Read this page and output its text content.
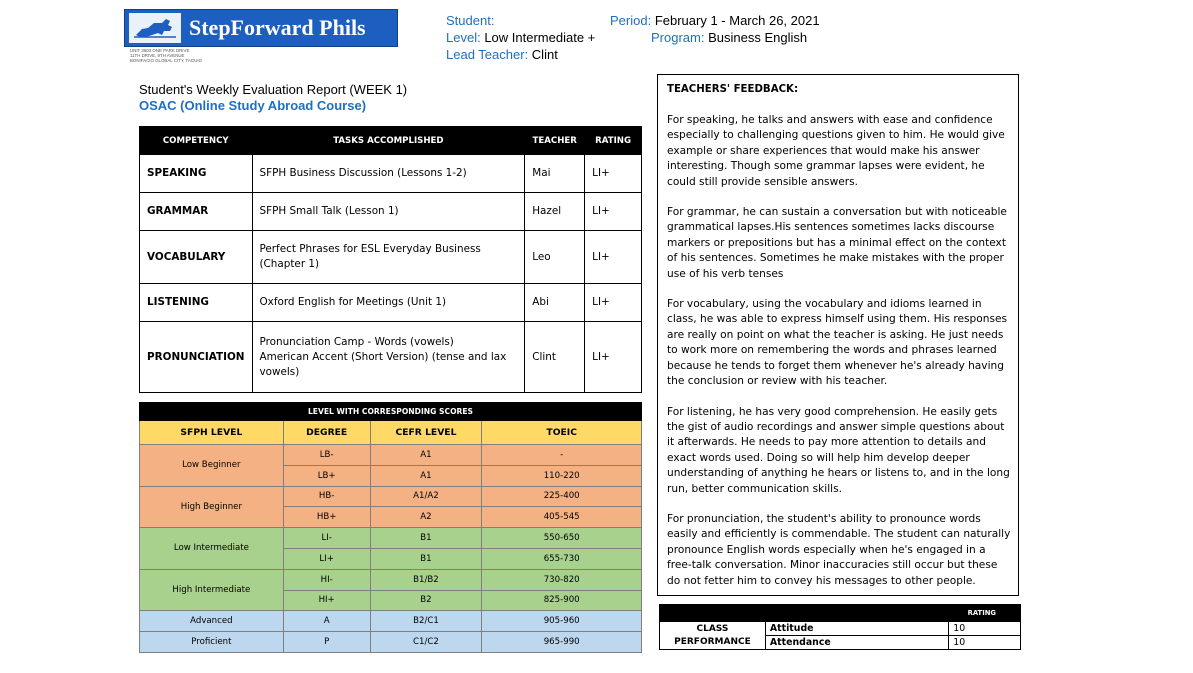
StepForward Phils
UNIT 3603 ONE PARK DRIVE
11TH DRIVE, 9TH AVENUE
BONIFACIO GLOBAL CITY, TAGUIG
Student:
Level: Low Intermediate +
Lead Teacher: Clint
Period: February 1 - March 26, 2021
Program: Business English
Student's Weekly Evaluation Report (WEEK 1)
OSAC (Online Study Abroad Course)
COMPETENCY	TASKS ACCOMPLISHED	TEACHER	RATING
SPEAKING	SFPH Business Discussion (Lessons 1-2)	Mai	LI+
GRAMMAR	SFPH Small Talk (Lesson 1)	Hazel	LI+
VOCABULARY	Perfect Phrases for ESL Everyday Business (Chapter 1)	Leo	LI+
LISTENING	Oxford English for Meetings (Unit 1)	Abi	LI+
PRONUNCIATION	Pronunciation Camp - Words (vowels)
American Accent (Short Version) (tense and lax vowels)	Clint	LI+
LEVEL WITH CORRESPONDING SCORES			
SFPH LEVEL	DEGREE	CEFR LEVEL	TOEIC
Low Beginner	LB-	A1	-
	LB+	A1	110-220
High Beginner	HB-	A1/A2	225-400
	HB+	A2	405-545
Low Intermediate	LI-	B1	550-650
	LI+	B1	655-730
High Intermediate	HI-	B1/B2	730-820
	HI+	B2	825-900
Advanced	A	B2/C1	905-960
Proficient	P	C1/C2	965-990
TEACHERS' FEEDBACK:

For speaking, he talks and answers with ease and confidence especially to challenging questions given to him. He would give example or share experiences that would make his answer interesting. Though some grammar lapses were evident, he could still provide sensible answers.

For grammar, he can sustain a conversation but with noticeable grammatical lapses.His sentences sometimes lacks discourse markers or prepositions but has a minimal effect on the context of his sentences. Sometimes he make mistakes with the proper use of his verb tenses

For vocabulary, using the vocabulary and idioms learned in class, he was able to express himself using them. His responses are really on point on what the teacher is asking. He just needs to work more on remembering the words and phrases learned because he tends to forget them whenever he's already having the conclusion or review with his teacher.

For listening, he has very good comprehension. He easily gets the gist of audio recordings and answer simple questions about it afterwards. He needs to pay more attention to details and exact words used. Doing so will help him develop deeper understanding of anything he hears or listens to, and in the long run, better communication skills.

For pronunciation, the student's ability to pronounce words easily and efficiently is commendable. The student can naturally pronounce English words especially when he's engaged in a free-talk conversation. Minor inaccuracies still occur but these do not fetter him to convey his messages to other people.

RATING		
CLASS
PERFORMANCE	Attitude	10
	Attendance	10
